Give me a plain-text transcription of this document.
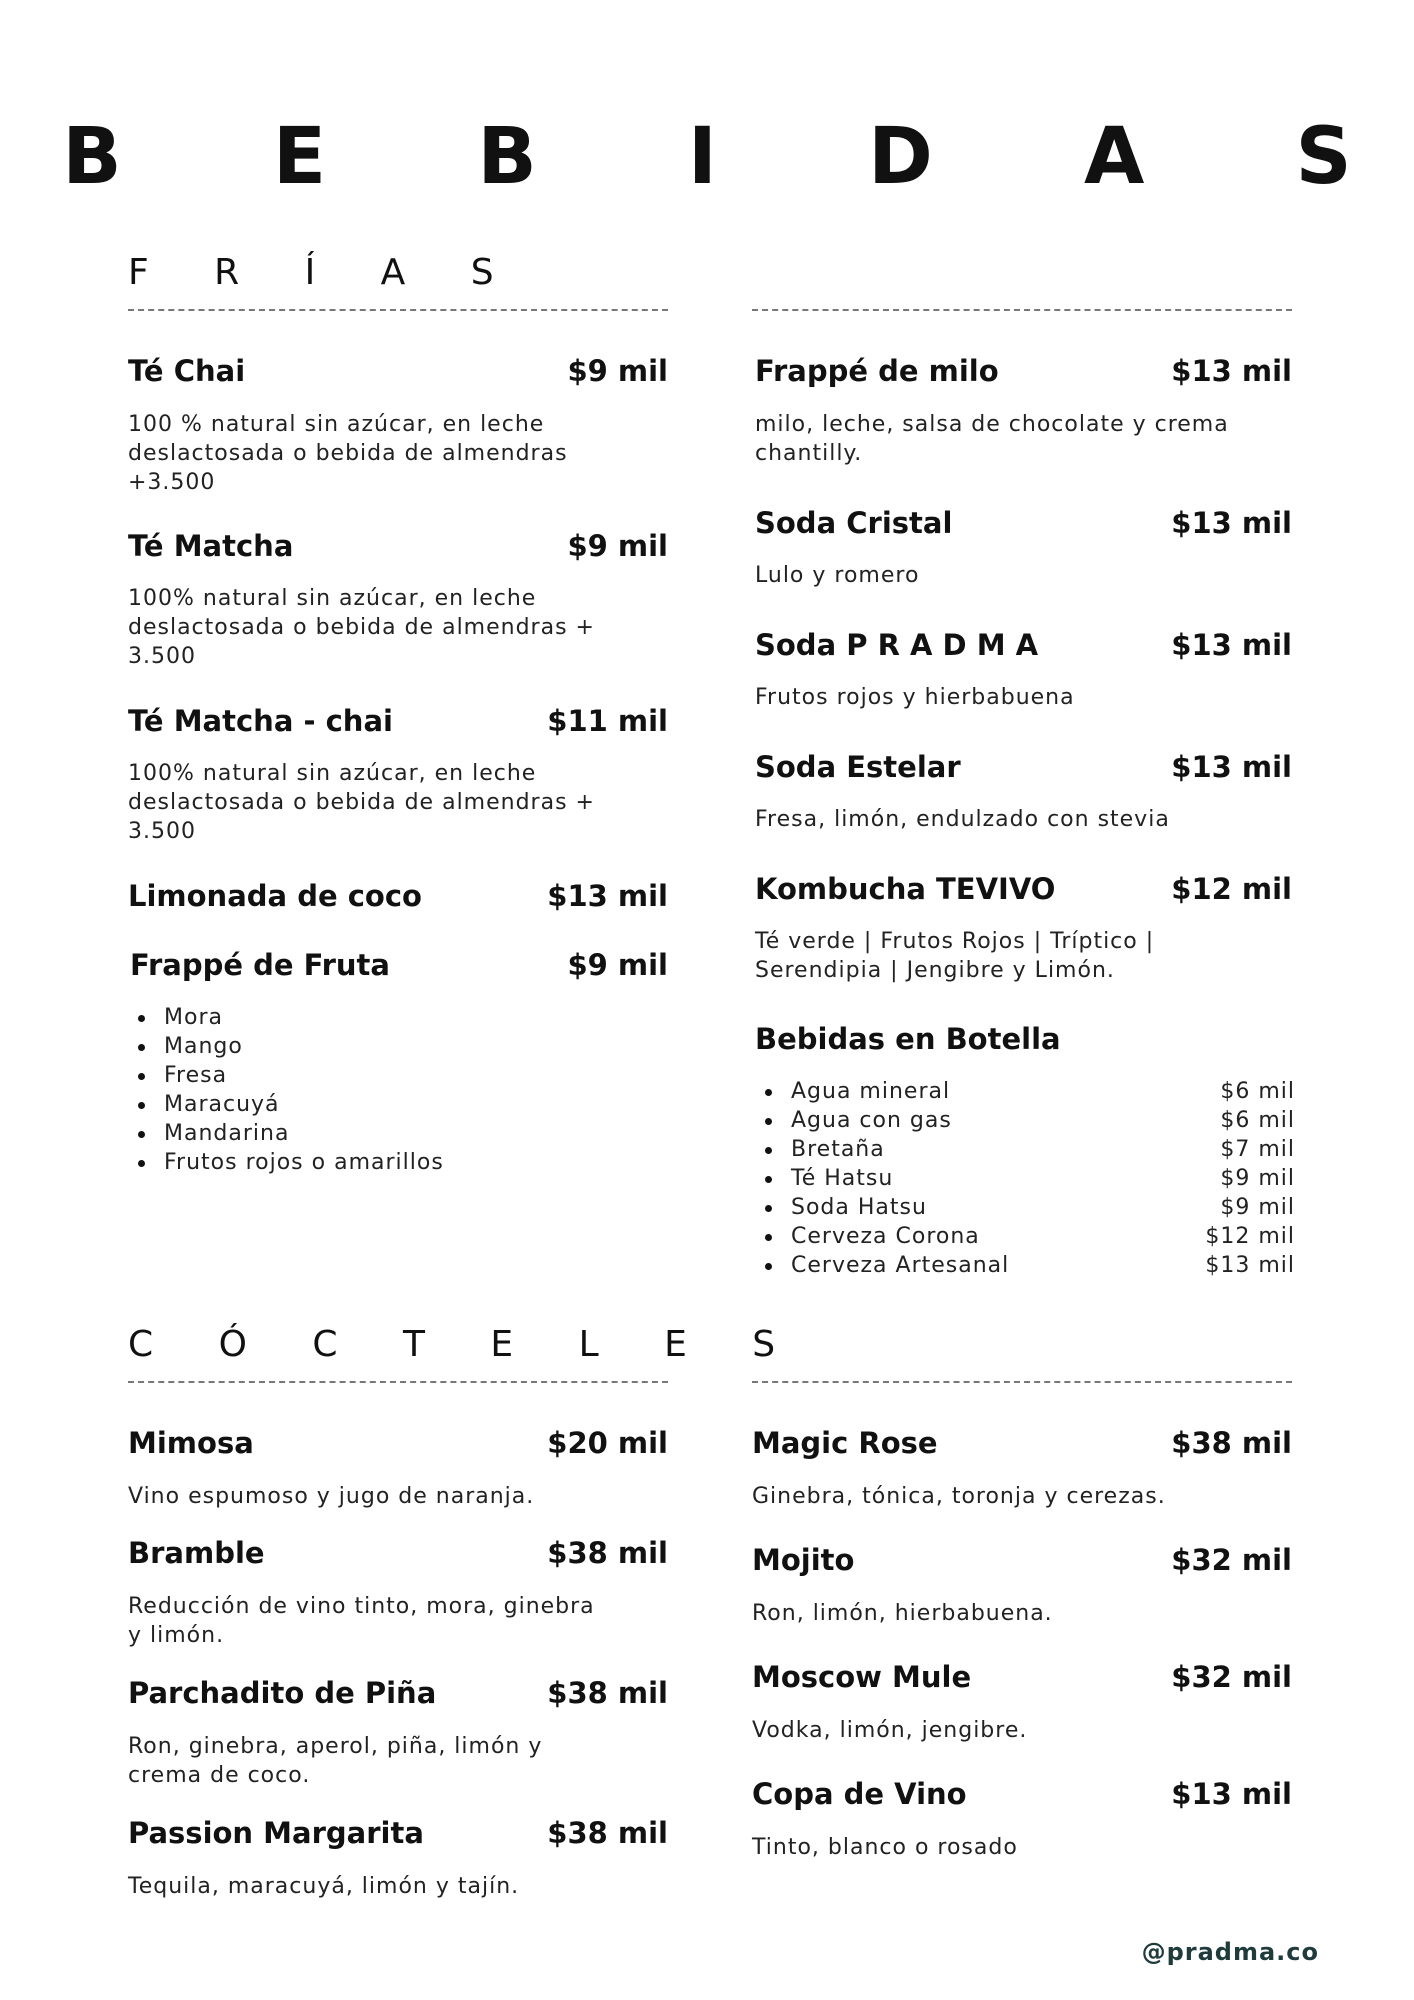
B E B I D A S
F R Í A S
Té Chai	$9 mil
100 % natural sin azúcar, en leche
deslactosada o bebida de almendras
+3.500
Té Matcha	$9 mil
100% natural sin azúcar, en leche
deslactosada o bebida de almendras +
3.500
Té Matcha - chai	$11 mil
100% natural sin azúcar, en leche
deslactosada o bebida de almendras +
3.500
Limonada de coco	$13 mil
Frappé de Fruta	$9 mil
Mora
Mango
Fresa
Maracuyá
Mandarina
Frutos rojos o amarillos
Frappé de milo	$13 mil
milo, leche, salsa de chocolate y crema
chantilly.
Soda Cristal	$13 mil
Lulo y romero
Soda P R A D M A	$13 mil
Frutos rojos y hierbabuena
Soda Estelar	$13 mil
Fresa, limón, endulzado con stevia
Kombucha TEVIVO	$12 mil
Té verde | Frutos Rojos | Tríptico |
Serendipia | Jengibre y Limón.
Bebidas en Botella
Agua mineral	$6 mil
Agua con gas	$6 mil
Bretaña	$7 mil
Té Hatsu	$9 mil
Soda Hatsu	$9 mil
Cerveza Corona	$12 mil
Cerveza Artesanal	$13 mil
C Ó C T E L E S
Mimosa	$20 mil
Vino espumoso y jugo de naranja.
Bramble	$38 mil
Reducción de vino tinto, mora, ginebra
y limón.
Parchadito de Piña	$38 mil
Ron, ginebra, aperol, piña, limón y
crema de coco.
Passion Margarita	$38 mil
Tequila, maracuyá, limón y tajín.
Magic Rose	$38 mil
Ginebra, tónica, toronja y cerezas.
Mojito	$32 mil
Ron, limón, hierbabuena.
Moscow Mule	$32 mil
Vodka, limón, jengibre.
Copa de Vino	$13 mil
Tinto, blanco o rosado
@pradma.co
